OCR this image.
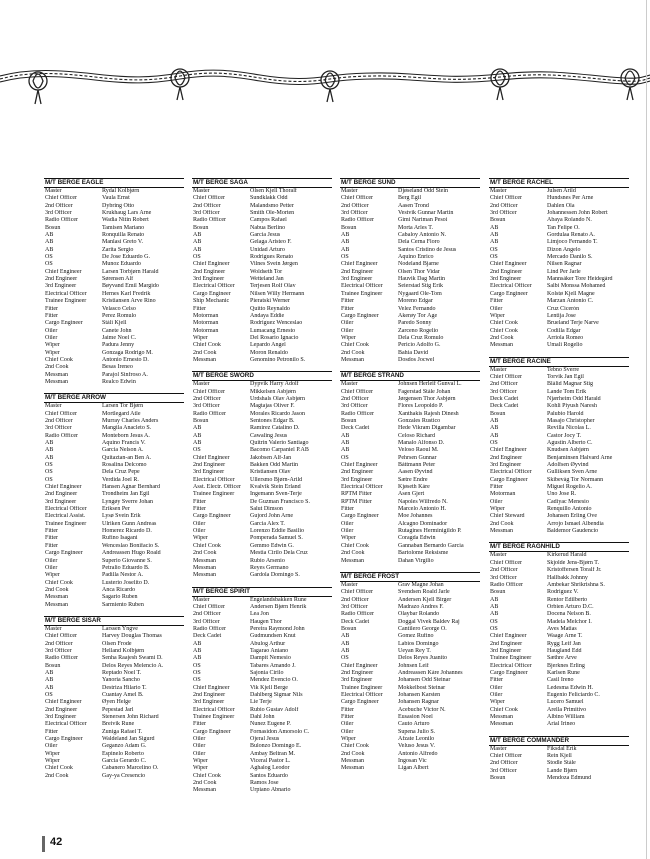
M/T BERGE EAGLE
Master	Rydal Kolbjørn
Chief Officer	Vaula Ernst
2nd Officer	Dybring Otto
3rd Officer	Krukhaug Lars Arne
Radio Officer	Wadia Nitin Robert
Bosun	Tamisen Mariano
AB	Ronquilla Renato
AB	Manlasi Greto V.
AB	Zarita Sergio
OS	De Jose Eduardo G.
OS	Munoz Eduardo
Chief Engineer	Larsen Torbjørn Harald
2nd Engineer	Sørensen Alf
3rd Engineer	Bøyvand Emil Margido
Electrical Officer	Hernes Karl Fredrik
Trainee Engineer	Kristiansen Arve Rino
Fitter	Velasco Celso
Fitter	Perez Romulo
Cargo Engineer	Ståli Kjell
Oiler	Canete John
Oiler	Jaime Noel C.
Wiper	Padura Jenny
Wiper	Gonzaga Rodrigo M.
Chief Cook	Antonio Ernesto D.
2nd Cook	Besas Ireneo
Messman	Parajol Sinfroso A.
Messman	Realco Edwin
M/T BERGE ARROW
Master	Larsen Tor Bjørn
Chief Officer	Mortlegard Atle
2nd Officer	Murray Charles Anders
3rd Officer	Mangila Anacleto S.
Radio Officer	Monteborn Jesus A.
AB	Aquino Francis V.
AB	Garcia Nelson A.
AB	Quitaztan-an Ben A.
OS	Rosalina Delcomo
OS	Dela Cruz Pepe
OS	Verdida Joel R.
Chief Engineer	Hansen Agnar Bernhard
2nd Engineer	Trondheim Jan Egil
3rd Engineer	Lyngøy Sverre Johan
Electrical Officer	Eriksen Per
Electrical Assist.	Lysø Svein Erik
Trainee Engineer	Ulriken Gunn Andreas
Fitter	Homerez Ricardo D.
Fitter	Rufino Isagani
Fitter	Wenceslao Bonifacio S.
Cargo Engineer	Andreassen Hugo Roald
Oiler	Superio Giovanne S.
Oiler	Petralio Eduardo B.
Wiper	Padilla Nestor A.
Chief Cook	Lusterio Joselito D.
2nd Cook	Anca Ricardo
Messman	Sagario Ruben
Messman	Sarmiento Ruben
M/T BERGE SISAR
Master	Larssen Yngve
Chief Officer	Harvey Douglas Thomas
2nd Officer	Olsen Frode
3rd Officer	Helland Kolbjørn
Radio Officer	Senha Raajesh Swami D.
Bosun	Delos Reyes Melencio A.
AB	Reptado Noel T.
AB	Yanoria Sancho
AB	Destriza Hilario T.
OS	Cuantay Amel B.
Chief Engineer	Øyen Helge
2nd Engineer	Pepestad Jarl
3rd Engineer	Stenersen John Richard
Electrical Officer	Breivik Rune
Fitter	Zuniga Rafael T.
Cargo Engineer	Waldeland Jan Sigurd
Oiler	Geganzo Adam G.
Wiper	Espinelo Roberto
Wiper	Garcia Gerardo C.
Chief Cook	Cabanero Marcelino O.
2nd Cook	Gay-ya Cresencio
M/T BERGE SAGA
Master	Olsen Kjell Thoralf
Chief Officer	Sundklakk Odd
2nd Officer	Malandsmo Petter
3rd Officer	Smith Ole-Morten
Radio Officer	Campos Rafael
Bosun	Nabua Berlino
AB	Garcia Jesus
AB	Gelaga Aristeo F.
AB	Unidad Arturo
OS	Rodrigues Renato
Chief Engineer	Vilnes Svein Jørgen
2nd Engineer	Woldseth Tor
3rd Engineer	Wetteland Jan
Electrical Officer	Terjesen Rolf Olav
Cargo Engineer	Nilsen Willy Hermann
Ship Mechanic	Pieratski Werner
Fitter	Quitto Reynaldo
Motorman	Andaya Eddie
Motorman	Rodriguez Wenceslao
Motorman	Lumacang Ernesto
Wiper	Del Rosario Ignacio
Chief Cook	Lepardo Angel
2nd Cook	Moron Renaldo
Messman	Genomino Petronilo S.
M/T BERGE SWORD
Master	Dypvik Harry Adolf
Chief Officer	Mikkelsen Asbjørn
2nd Officer	Urdshals Olav Asbjørn
3rd Officer	Magtajas Oliver F.
Radio Officer	Morales Ricardo Jason
Bosun	Sentones Edgar B.
AB	Ramirez Catalino D.
AB	Cawaling Jesus
AB	Quitrin Valerio Santiago
OS	Bacomo Carpaniel P.AB
Chief Engineer	Jakobsen Alf-Jan
2nd Engineer	Bakken Odd Martin
3rd Engineer	Kristiansen Olav
Electrical Officer	Ullersmo Bjørn-Arild
Asst. Electr. Officer	Kvalvik Stein Erland
Trainee Engineer	Ingemann Sven-Terje
Fitter	De Guzman Francisco S.
Fitter	Salut Dimson
Cargo Engineer	Gujord John Arne
Oiler	Garcia Alex T.
Oiler	Lorenzo Eddie Basilio
Wiper	Pomperada Samuel S.
Chief Cook	Gemmo Edwin G.
2nd Cook	Mestia Cirilo Dela Cruz
Messman	Rubio Arsenio
Messman	Reyes Germano
Messman	Gardola Domingo S.
M/T BERGE SPIRIT
Master	Engelandsbakken Rune
Chief Officer	Andersen Bjørn Henrik
2nd Officer	Lea Jon
3rd Officer	Haugen Thor
Radio Officer	Pereira Raymond John
Deck Cadet	Gudmundsen Knut
AB	Abulog Arthur
AB	Tagarao Aniano
AB	Dampit Nemesio
OS	Tabares Amando J.
OS	Sajonia Cirilo
OS	Mendez Evencio O.
Chief Engineer	Vik Kjell Berge
2nd Engineer	Dahlberg Sigmar Nils
3rd Engineer	Lie Terje
Electrical Officer	Rubio Gustav Adolf
Trainee Engineer	Dahl John
Fitter	Nunez Eugene P.
Cargo Engineer	Fornasidon Amorsolo C.
Oiler	Ojeral Jesus
Oiler	Bulonzo Domingo E.
Oiler	Ambay Beltran M.
Wiper	Viceral Pastor L.
Wiper	Aghalog Leodor
Chief Cook	Santos Eduardo
2nd Cook	Ramos Jose
Messman	Urpiano Abnario
M/T BERGE SUND
Master	Djøseland Odd Stein
Chief Officer	Berg Egil
2nd Officer	Aasen Trond
3rd Officer	Vestvik Gunnar Martin
Radio Officer	Gimi Nariman Pesoi
Bosun	Morta Arles T.
AB	Cabaloy Antonio N.
AB	Dela Cerna Floro
AB	Santos Cristino de Jesus
OS	Aquino Enrico
Chief Engineer	Nodeland Bjarne
2nd Engineer	Olsen Thor Vidar
3rd Engineer	Hauvik Dag Martin
Electrical Officer	Seierstad Stig Erik
Trainee Engineer	Nygaard Ole-Tom
Fitter	Moreno Edgar
Fitter	Velez Fernando
Cargo Engineer	Akerøy Tor Åge
Oiler	Paredo Sonny
Oiler	Zarceno Rogelio
Wiper	Dela Cruz Romulo
Chief Cook	Pericio Adolfo G.
2nd Cook	Bahia David
Messman	Dosdos Jocwel
M/T BERGE STRAND
Master	Johnsen Herleif Gunval L.
Chief Officer	Fagerstad Ståle Johan
2nd Officer	Jørgensen Thor Asbjørn
3rd Officer	Flores Leopoldo P.
Radio Officer	Xanthakis Rajesh Dinesh
Bosun	Gonzales Rustico
Deck Cadet	Hede Vikram Digambar
AB	Celoso Richard
AB	Manalo Alfonso D.
AB	Veloso Raoul M.
OS	Pehrsen Gunnar
Chief Engineer	Båttmann Peter
2nd Engineer	Aasen Øyvind
3rd Engineer	Sætre Endre
Electrical Officer	Kjøseth Kåre
RPTM Fitter	Asen Gjert
RPTM Fitter	Napoles Wilfredo N.
Fitter	Marcelo Antonio H.
Cargo Engineer	Moe Johannes
Oiler	Alcagno Dominador
Oiler	Rutagines Herminigildo P.
Wiper	Coragda Edwin
Chief Cook	Gannaban Bernardo Garcia
2nd Cook	Bartolome Reksisme
Messman	Dahan Virgilio
M/T BERGE FROST
Master	Grav Magne Johan
Chief Officer	Svendsen Roald Jarle
2nd Officer	Andersen Kjell Birger
3rd Officer	Madrazo Andres F.
Radio Officer	Olaybar Rolando
Deck Cadet	Doggal Vivek Baldev Raj
Bosun	Cantilero George O.
AB	Gomez Rufino
AB	Labios Domingo
AB	Ueyan Rey T.
OS	Delos Reyes Juanito
Chief Engineer	Johnsen Leif
2nd Engineer	Andreassen Kåre Johannes
3rd Engineer	Johansen Odd Steinar
Trainee Engineer	Mokkelbost Steinar
Electrical Officer	Johansen Karsten
Cargo Engineer	Johansen Ragnar
Fitter	Acebuche Victor N.
Fitter	Eusasion Noel
Oiler	Cauto Arturo
Oiler	Supena Julio S.
Wiper	Afzate Leonilo
Chief Cook	Veluso Jesus V.
2nd Cook	Antonio Alfredo
Messman	Ingosan Vic
Messman	Ligan Albert
M/T BERGE RACHEL
Master	Julsen Arild
Chief Officer	Hundsnes Per Arne
2nd Officer	Dahlen Ola
3rd Officer	Johannessen John Robert
Bosun	Abaya Rolando N.
AB	Tan Felipe O.
AB	Gordulaa Renato A.
AB	Limjoco Fernando T.
OS	Dizon Angelo
OS	Mercado Danilo S.
Chief Engineer	Nilsen Ragnar
2nd Engineer	Lind Per Jarle
3rd Engineer	Mannsåker Tore Heidegård
Electrical Officer	Salbi Monssa Mohamed
Cargo Engineer	Kolstø Kjell Magne
Fitter	Marzan Antonio C.
Oiler	Cruz Cicerón
Wiper	Lentija Jose
Chief Cook	Brueland Terje Narve
Chief Cook	Codilla Edgar
2nd Cook	Arriola Romeo
Messman	Umali Rogelio
M/T BERGE RACINE
Master	Tebno Sverre
Chief Officer	Torvik Jan Egil
2nd Officer	Blålid Magnar Stig
3rd Officer	Lande Tom Erik
Deck Cadet	Njærheim Odd Harald
Deck Cadet	Kohli Piyush Naresh
Bosun	Palubio Harold
AB	Masajo Christopher
AB	Revilla Nicolas L.
AB	Castor Jocy T.
OS	Agustin Alberto C.
Chief Engineer	Knudsen Asbjørn
2nd Engineer	Benjaminsen Halvard Arne
3rd Engineer	Adolfsen Øyvind
Electrical Officer	Gulliksen Sven Arne
Cargo Engineer	Skibevåg Tor Normann
Fitter	Miguel Rogelio A.
Motorman	Uno Jose R.
Oiler	Cadiyac Menesio
Wiper	Renquillo Antonio
Chief Steward	Johansen Erling Ove
2nd Cook	Arrojo Ismael Albendia
Messman	Baldemor Gaudencio
M/T BERGE RAGNHILD
Master	Kirkerud Harald
Chief Officer	Skjolde Jens-Bjørn T.
2nd Officer	Kristoffersen Toralf Jr.
3rd Officer	Hallbakk Johnny
Radio Officer	Ambekar Shrikrishna S.
Bosun	Rodriguez V.
AB	Rentor Edilberto
AB	Orbien Arturo D.C.
AB	Docena Nelson B.
OS	Madela Melchor I.
OS	Aves Matias
Chief Engineer	Waage Arne T.
2nd Engineer	Rygg Leif Jan
3rd Engineer	Haugland Edd
Trainee Engineer	Sæthre Arve
Electrical Officer	Bjerknes Erling
Cargo Engineer	Karlsen Rune
Fitter	Casil Ireno
Oiler	Ledesma Edwin H.
Oiler	Eugenio Feliciardo C.
Wiper	Lucero Samuel
Chief Cook	Arella Primitivo
Messman	Albino William
Messman	Arial Irineo
M/T BERGE COMMANDER
Master	Fiksdal Erik
Chief Officer	Rein Kjell
2nd Officer	Stodle Ståle
3rd Officer	Lande Bjørn
Bosun	Mendoza Edmund
42
